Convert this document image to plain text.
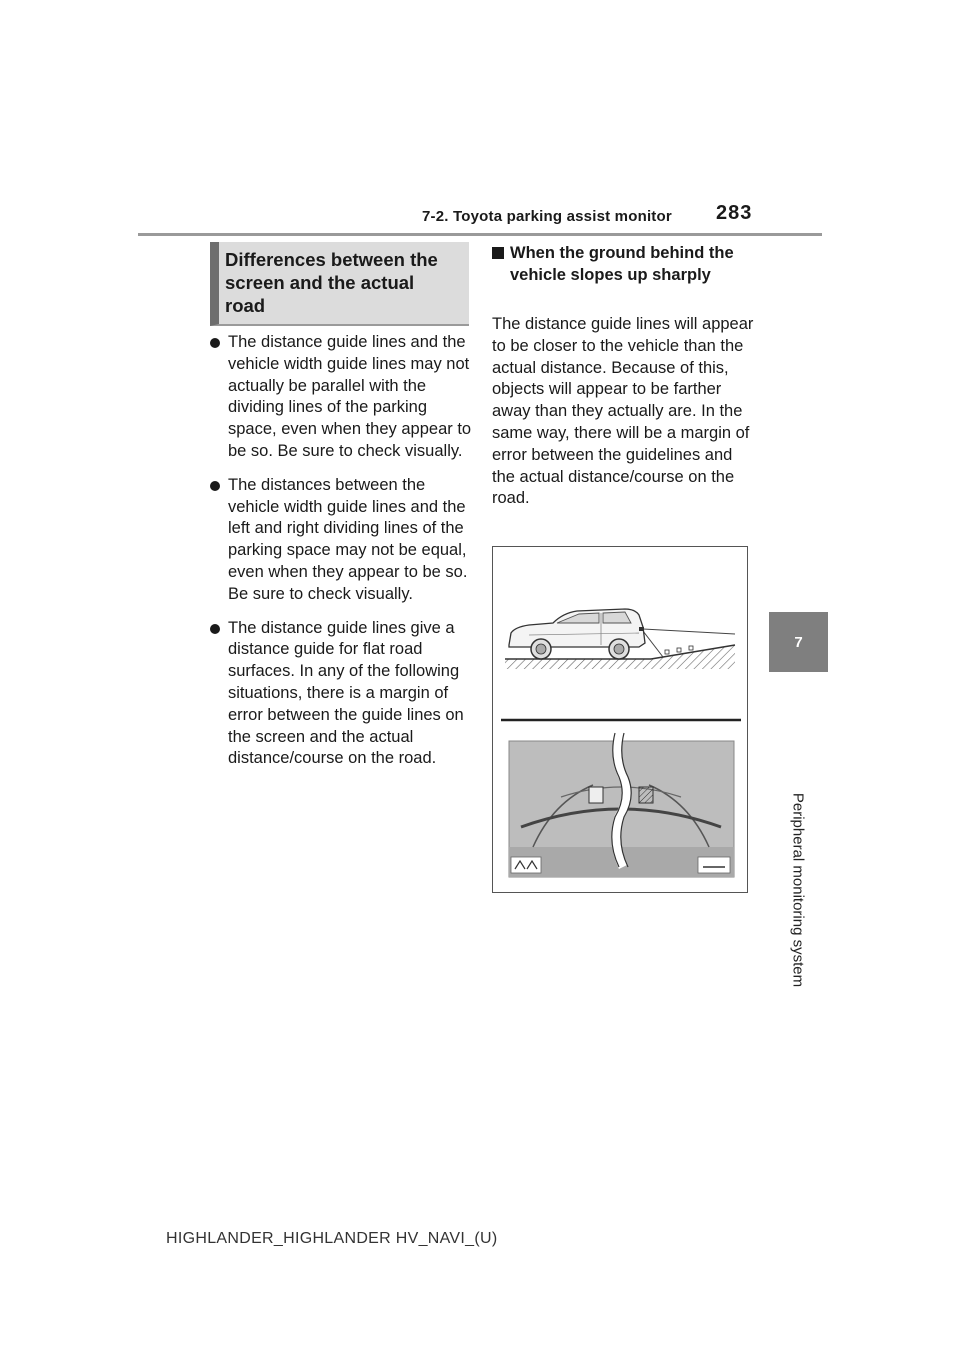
7-2. Toyota parking assist monitor 283
7
Peripheral monitoring system
Differences between the screen and the actual road
The distance guide lines and the vehicle width guide lines may not actually be parallel with the dividing lines of the parking space, even when they appear to be so. Be sure to check visually.
The distances between the vehicle width guide lines and the left and right dividing lines of the parking space may not be equal, even when they appear to be so. Be sure to check visually.
The distance guide lines give a distance guide for flat road surfaces. In any of the following situations, there is a margin of error between the guide lines on the screen and the actual distance/course on the road.
When the ground behind the vehicle slopes up sharply

The distance guide lines will appear to be closer to the vehicle than the actual distance. Because of this, objects will appear to be farther away than they actually are. In the same way, there will be a margin of error between the guidelines and the actual distance/course on the road.

HIGHLANDER_HIGHLANDER HV_NAVI_(U)
